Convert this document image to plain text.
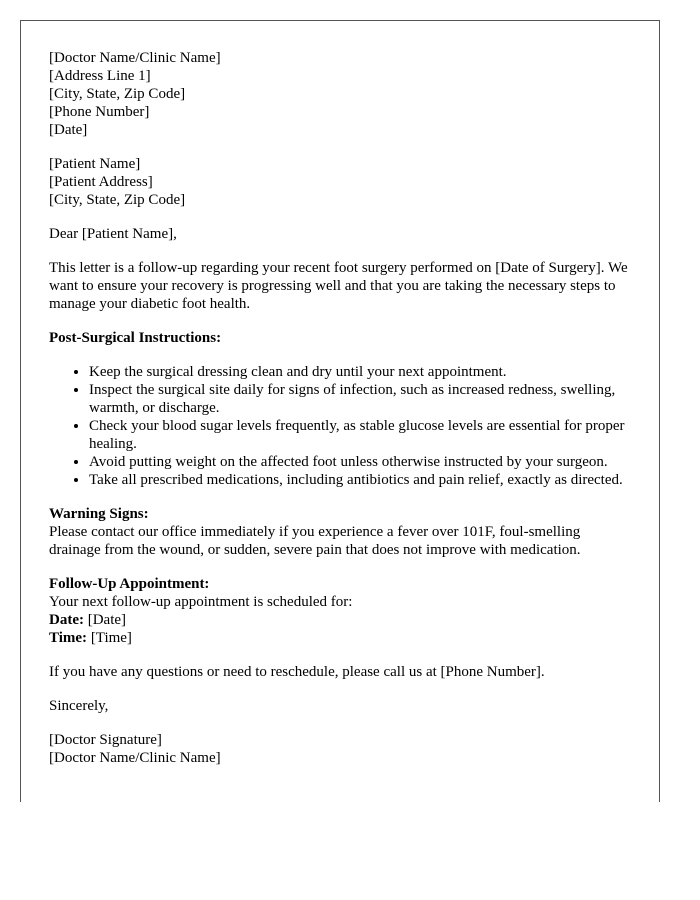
[Doctor Name/Clinic Name]
[Address Line 1]
[City, State, Zip Code]
[Phone Number]
[Date]
[Patient Name]
[Patient Address]
[City, State, Zip Code]

Dear [Patient Name],

This letter is a follow-up regarding your recent foot surgery performed on [Date of Surgery]. We want to ensure your recovery is progressing well and that you are taking the necessary steps to manage your diabetic foot health.

Post-Surgical Instructions:
• Keep the surgical dressing clean and dry until your next appointment.
• Inspect the surgical site daily for signs of infection, such as increased redness, swelling, warmth, or discharge.
• Check your blood sugar levels frequently, as stable glucose levels are essential for proper healing.
• Avoid putting weight on the affected foot unless otherwise instructed by your surgeon.
• Take all prescribed medications, including antibiotics and pain relief, exactly as directed.
Warning Signs:
Please contact our office immediately if you experience a fever over 101F, foul-smelling drainage from the wound, or sudden, severe pain that does not improve with medication.
Follow-Up Appointment:
Your next follow-up appointment is scheduled for:
Date: [Date]
Time: [Time]

If you have any questions or need to reschedule, please call us at [Phone Number].

Sincerely,

[Doctor Signature]
[Doctor Name/Clinic Name]
